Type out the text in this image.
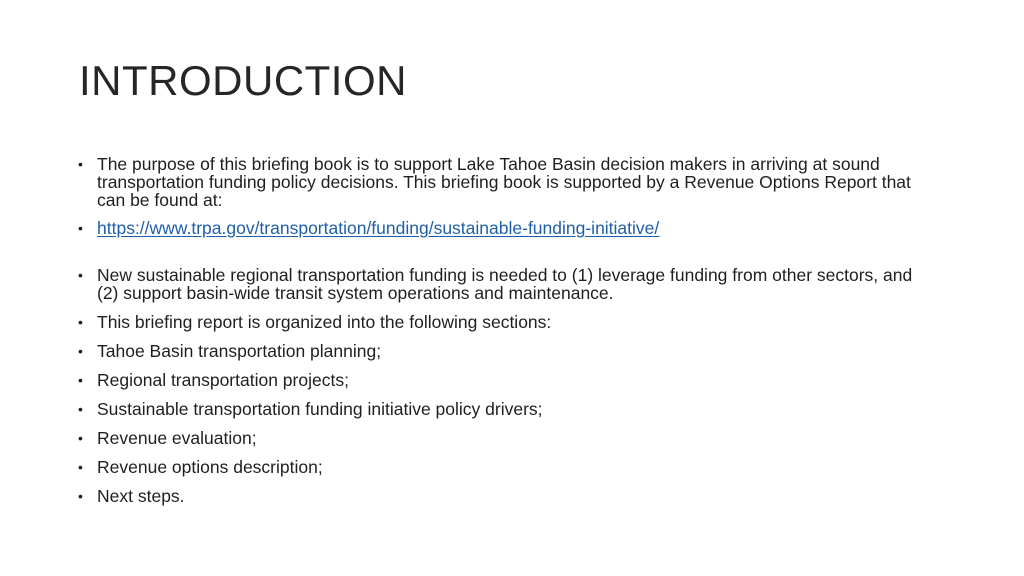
INTRODUCTION
• The purpose of this briefing book is to support Lake Tahoe Basin decision makers in arriving at sound transportation funding policy decisions. This briefing book is supported by a Revenue Options Report that can be found at:
• https://www.trpa.gov/transportation/funding/sustainable-funding-initiative/
• New sustainable regional transportation funding is needed to (1) leverage funding from other sectors, and (2) support basin-wide transit system operations and maintenance.
• This briefing report is organized into the following sections:
• Tahoe Basin transportation planning;
• Regional transportation projects;
• Sustainable transportation funding initiative policy drivers;
• Revenue evaluation;
• Revenue options description;
• Next steps.
